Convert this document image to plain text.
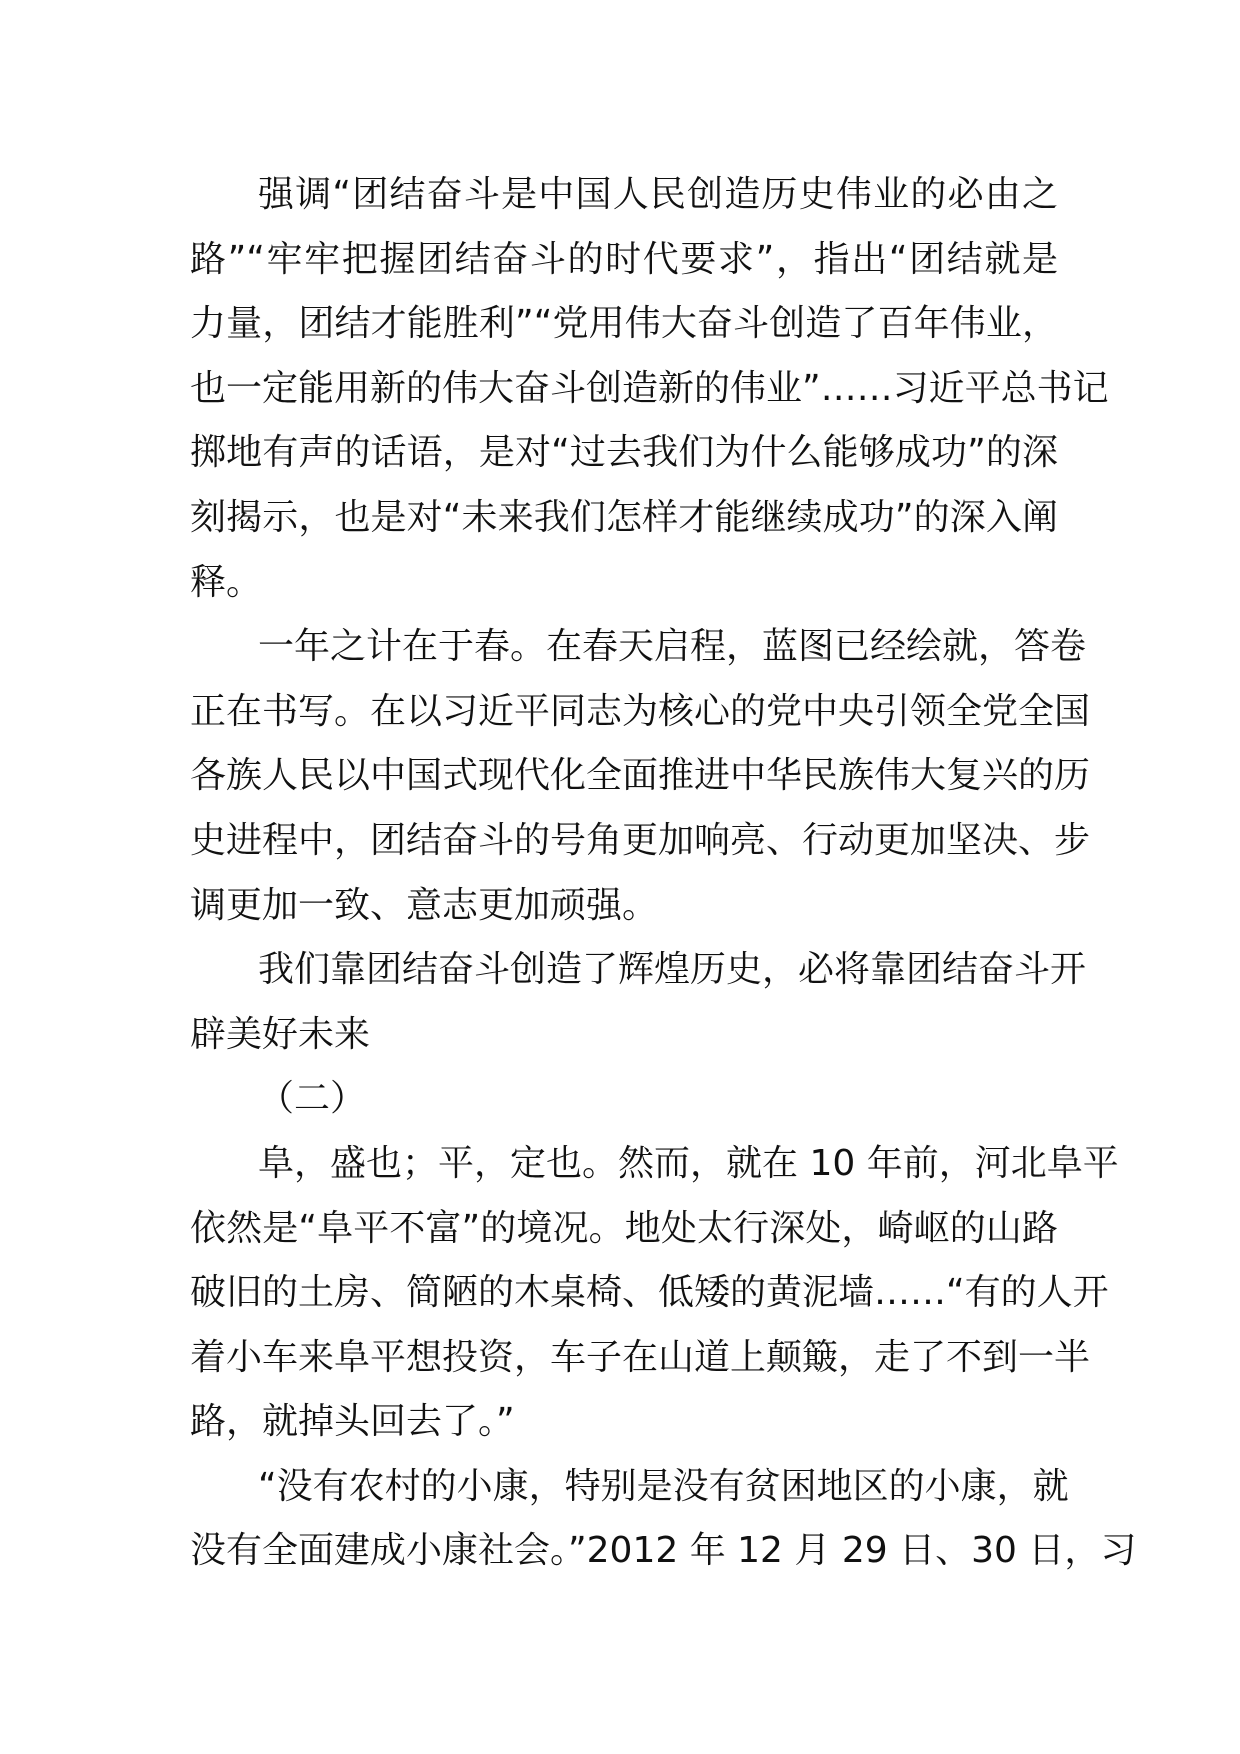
强调“团结奋斗是中国人民创造历史伟业的必由之
路”“牢牢把握团结奋斗的时代要求”，指出“团结就是
力量，团结才能胜利”“党用伟大奋斗创造了百年伟业，
也一定能用新的伟大奋斗创造新的伟业”……习近平总书记
掷地有声的话语，是对“过去我们为什么能够成功”的深
刻揭示，也是对“未来我们怎样才能继续成功”的深入阐
释。
一年之计在于春。在春天启程，蓝图已经绘就，答卷
正在书写。在以习近平同志为核心的党中央引领全党全国
各族人民以中国式现代化全面推进中华民族伟大复兴的历
史进程中，团结奋斗的号角更加响亮、行动更加坚决、步
调更加一致、意志更加顽强。
我们靠团结奋斗创造了辉煌历史，必将靠团结奋斗开
辟美好未来
（二）
阜，盛也；平，定也。然而，就在 10 年前，河北阜平
依然是“阜平不富”的境况。地处太行深处，崎岖的山路
破旧的土房、简陋的木桌椅、低矮的黄泥墙……“有的人开
着小车来阜平想投资，车子在山道上颠簸，走了不到一半
路，就掉头回去了。”
“没有农村的小康，特别是没有贫困地区的小康，就
没有全面建成小康社会。”2012 年 12 月 29 日、30 日，习
